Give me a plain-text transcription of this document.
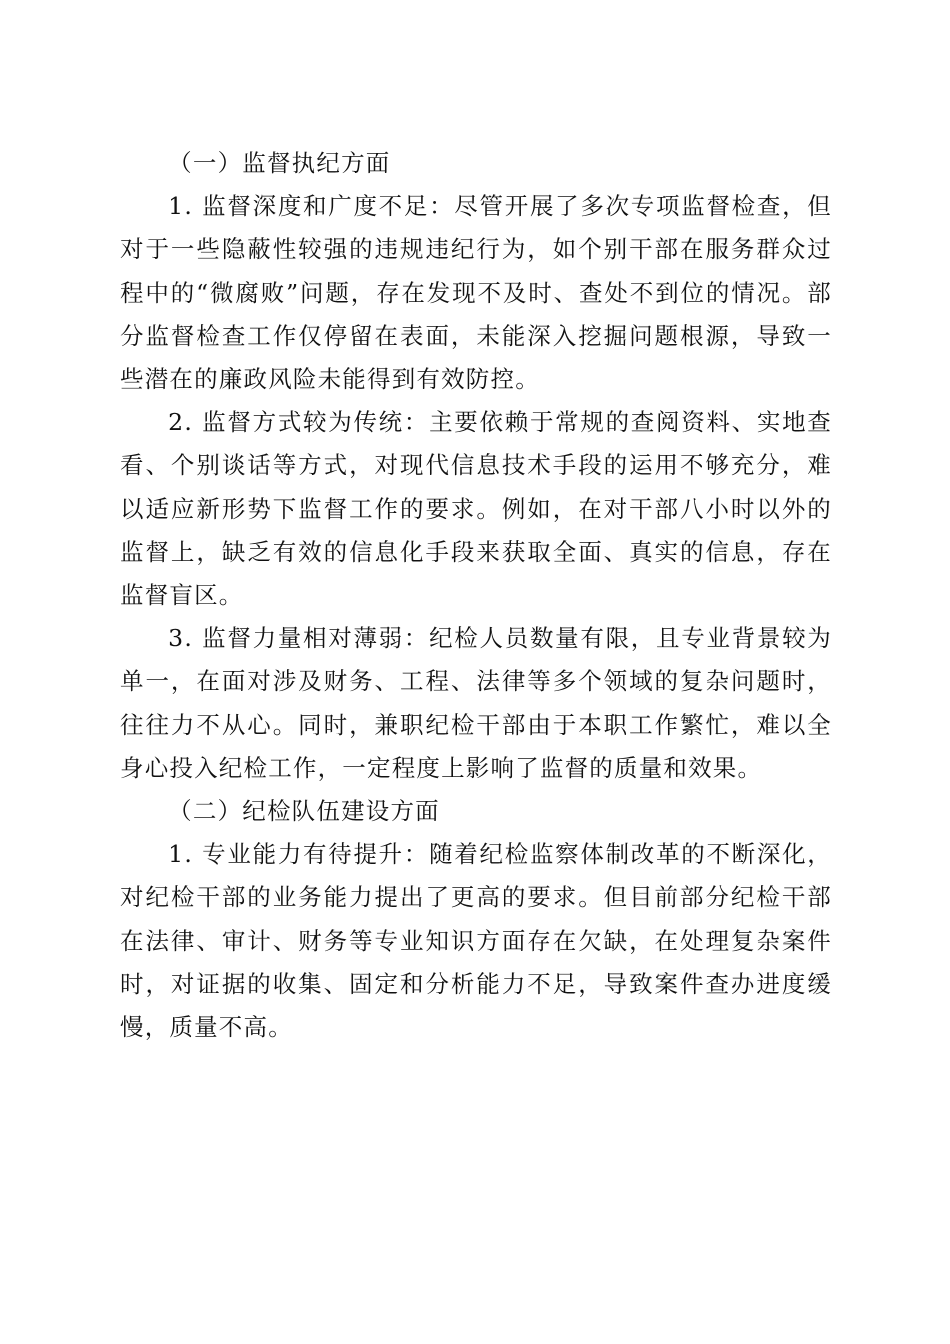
（一）监督执纪方面

1. 监督深度和广度不足：尽管开展了多次专项监督检查，但对于一些隐蔽性较强的违规违纪行为，如个别干部在服务群众过程中的“微腐败”问题，存在发现不及时、查处不到位的情况。部分监督检查工作仅停留在表面，未能深入挖掘问题根源，导致一些潜在的廉政风险未能得到有效防控。

2. 监督方式较为传统：主要依赖于常规的查阅资料、实地查看、个别谈话等方式，对现代信息技术手段的运用不够充分，难以适应新形势下监督工作的要求。例如，在对干部八小时以外的监督上，缺乏有效的信息化手段来获取全面、真实的信息，存在监督盲区。

3. 监督力量相对薄弱：纪检人员数量有限，且专业背景较为单一，在面对涉及财务、工程、法律等多个领域的复杂问题时，往往力不从心。同时，兼职纪检干部由于本职工作繁忙，难以全身心投入纪检工作，一定程度上影响了监督的质量和效果。

（二）纪检队伍建设方面

1. 专业能力有待提升：随着纪检监察体制改革的不断深化，对纪检干部的业务能力提出了更高的要求。但目前部分纪检干部在法律、审计、财务等专业知识方面存在欠缺，在处理复杂案件时，对证据的收集、固定和分析能力不足，导致案件查办进度缓慢，质量不高。
